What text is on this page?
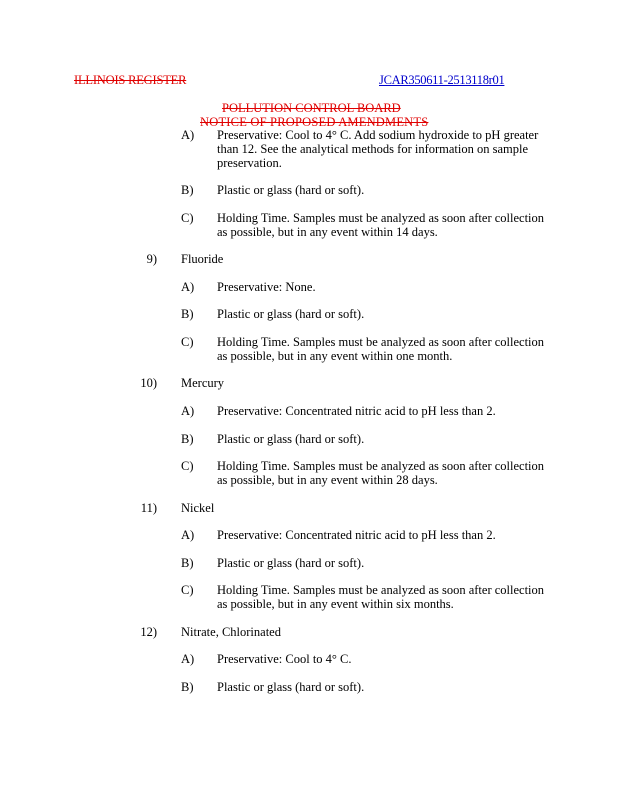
ILLINOIS REGISTER	JCAR350611-2513118r01
POLLUTION CONTROL BOARD
NOTICE OF PROPOSED AMENDMENTS
A) Preservative: Cool to 4° C. Add sodium hydroxide to pH greater
than 12. See the analytical methods for information on sample
preservation.
B) Plastic or glass (hard or soft).
C) Holding Time. Samples must be analyzed as soon after collection
as possible, but in any event within 14 days.
9) Fluoride
A) Preservative: None.
B) Plastic or glass (hard or soft).
C) Holding Time. Samples must be analyzed as soon after collection
as possible, but in any event within one month.
10) Mercury
A) Preservative: Concentrated nitric acid to pH less than 2.
B) Plastic or glass (hard or soft).
C) Holding Time. Samples must be analyzed as soon after collection
as possible, but in any event within 28 days.
11) Nickel
A) Preservative: Concentrated nitric acid to pH less than 2.
B) Plastic or glass (hard or soft).
C) Holding Time. Samples must be analyzed as soon after collection
as possible, but in any event within six months.
12) Nitrate, Chlorinated
A) Preservative: Cool to 4° C.
B) Plastic or glass (hard or soft).
